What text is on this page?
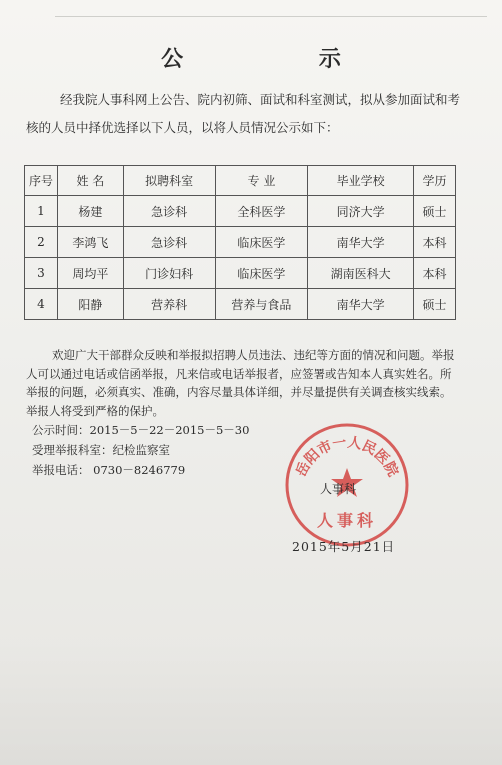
公 示
经我院人事科网上公告、院内初筛、面试和科室测试，拟从参加面试和考核的人员中择优选择以下人员，以将人员情况公示如下：
序号	姓 名	拟聘科室	专 业	毕业学校	学历
1	杨建	急诊科	全科医学	同济大学	硕士
2	李鸿飞	急诊科	临床医学	南华大学	本科
3	周均平	门诊妇科	临床医学	湖南医科大	本科
4	阳静	营养科	营养与食品	南华大学	硕士
欢迎广大干部群众反映和举报拟招聘人员违法、违纪等方面的情况和问题。举报人可以通过电话或信函举报，凡来信或电话举报者，应签署或告知本人真实姓名。所举报的问题，必须真实、准确，内容尽量具体详细，并尽量提供有关调查核实线索。举报人将受到严格的保护。
公示时间：2015－5－22－2015－5－30
受理举报科室：纪检监察室
举报电话： 0730－8246779	岳阳市一人民医院
人事科
人事科
2015年5月21日
